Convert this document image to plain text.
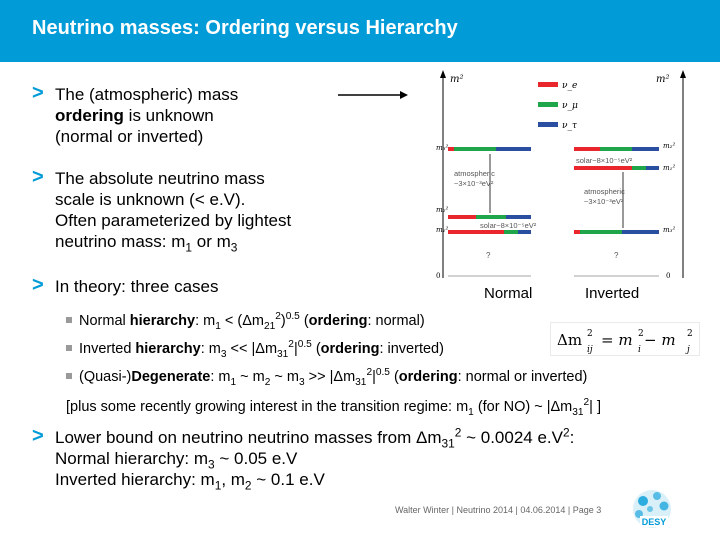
Neutrino masses: Ordering versus Hierarchy
> The (atmospheric) mass
ordering is unknown
(normal or inverted)
> The absolute neutrino mass
scale is unknown (< e.V).
Often parameterized by lightest
neutrino mass: $m_1$ or $m_3$
> In theory: three cases
m²	m²
ν_e
ν_μ
ν_τ
m₃²
m₂²
m₁²
0
atmospheric
~3×10⁻³eV²
solar~8×10⁻⁵eV²
?
m₂²
m₁²
m₃²
0
solar~8×10⁻⁵eV²
atmospheric
~3×10⁻³eV²
?
Normal	Inverted
Normal hierarchy: $m_1 < (\Delta m_{21}^2)^{0.5}$ (ordering: normal)
Δm
ij
2 = m
i
2 − m
j
2
Inverted hierarchy: $m_3 << |\Delta m_{31}^2|^{0.5}$ (ordering: inverted)
(Quasi-)Degenerate: $m_1$ ~ $m_2$ ~ $m_3 >> |\Delta m_{31}^2|^{0.5}$ (ordering: normal or inverted)
[plus some recently growing interest in the transition regime: $m_1$ (for NO) ~ $|\Delta m_{31}^2|$ ]
> Lower bound on neutrino neutrino masses from $\Delta m_{31}^2$ ~ 0.0024 $e.V^2$:
Normal hierarchy: $m_3$ ~ 0.05 e.V
Inverted hierarchy: $m_1$, $m_2$ ~ 0.1 e.V
Walter Winter | Neutrino 2014 | 04.06.2014 | Page 3
DESY
